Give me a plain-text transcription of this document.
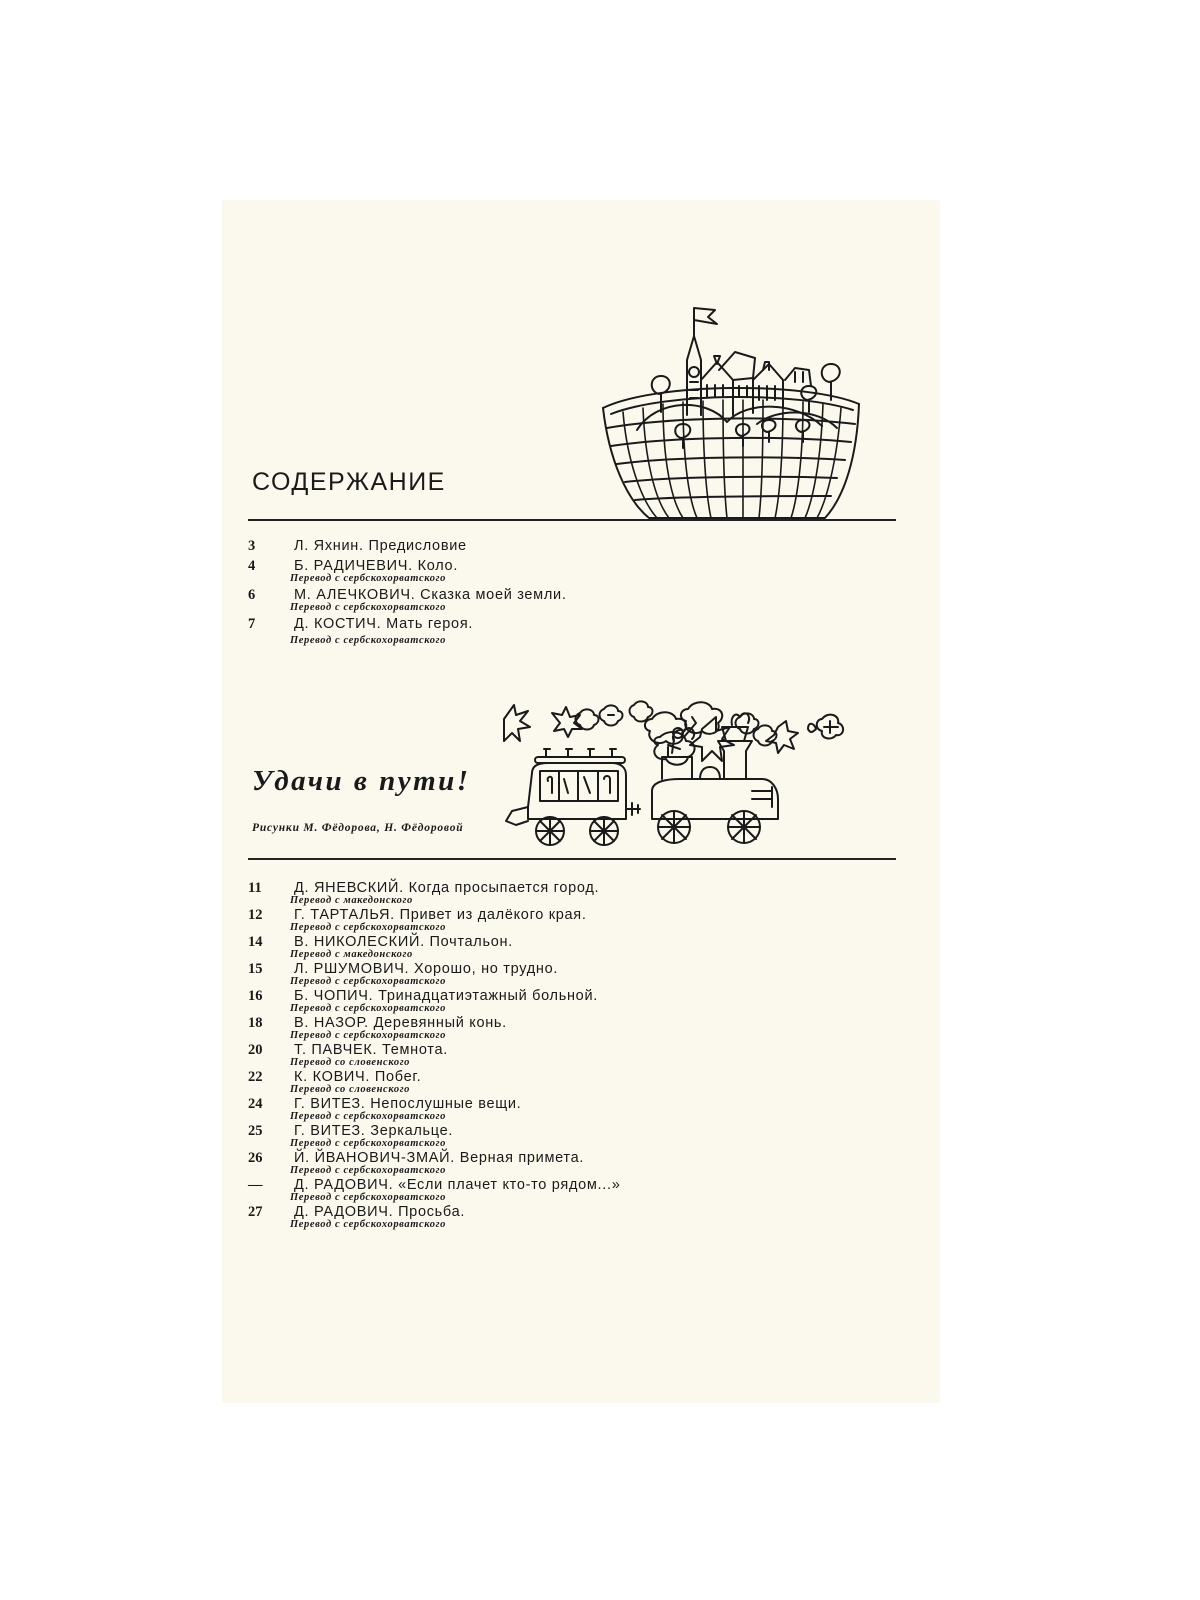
СОДЕРЖАНИЕ
3	Л. Яхнин. Предисловие
4	Б. РАДИЧЕВИЧ. Коло.
Перевод с сербскохорватского
6	М. АЛЕЧКОВИЧ. Сказка моей земли.
Перевод с сербскохорватского
7	Д. КОСТИЧ. Мать героя.
Перевод с сербскохорватского
Удачи в пути!
Рисунки М. Фёдорова, Н. Фёдоровой
11	Д. ЯНЕВСКИЙ. Когда просыпается город.
Перевод с македонского
12	Г. ТАРТАЛЬЯ. Привет из далёкого края.
Перевод с сербскохорватского
14	В. НИКОЛЕСКИЙ. Почтальон.
Перевод с македонского
15	Л. РШУМОВИЧ. Хорошо, но трудно.
Перевод с сербскохорватского
16	Б. ЧОПИЧ. Тринадцатиэтажный больной.
Перевод с сербскохорватского
18	В. НАЗОР. Деревянный конь.
Перевод с сербскохорватского
20	Т. ПАВЧЕК. Темнота.
Перевод со словенского
22	К. КОВИЧ. Побег.
Перевод со словенского
24	Г. ВИТЕЗ. Непослушные вещи.
Перевод с сербскохорватского
25	Г. ВИТЕЗ. Зеркальце.
Перевод с сербскохорватского
26	Й. ЙВАНОВИЧ-ЗМАЙ. Верная примета.
Перевод с сербскохорватского
—	Д. РАДОВИЧ. «Если плачет кто-то рядом...»
Перевод с сербскохорватского
27	Д. РАДОВИЧ. Просьба.
Перевод с сербскохорватского
